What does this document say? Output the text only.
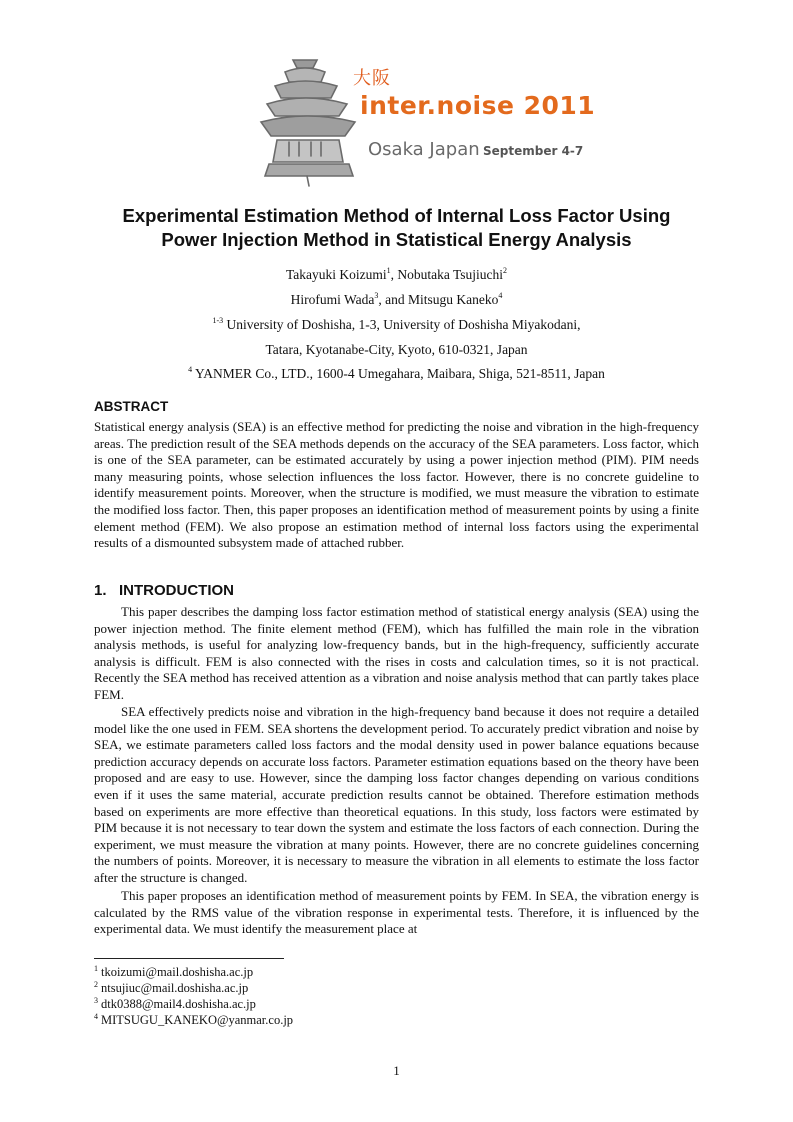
大阪
inter.noise 2011
Osaka Japan September 4-7
Experimental Estimation Method of Internal Loss Factor Using
Power Injection Method in Statistical Energy Analysis
Takayuki Koizumi$^1$, Nobutaka Tsujiuchi$^2$
Hirofumi Wada$^3$, and Mitsugu Kaneko$^4$
$^{1-3}$ University of Doshisha, 1-3, University of Doshisha Miyakodani,
Tatara, Kyotanabe-City, Kyoto, 610-0321, Japan
$^4$ YANMER Co., LTD., 1600-4 Umegahara, Maibara, Shiga, 521-8511, Japan
ABSTRACT

Statistical energy analysis (SEA) is an effective method for predicting the noise and vibration in the high-frequency areas. The prediction result of the SEA methods depends on the accuracy of the SEA parameters. Loss factor, which is one of the SEA parameter, can be estimated accurately by using a power injection method (PIM). PIM needs many measuring points, whose selection influences the loss factor. However, there is no concrete guideline to identify measurement points. Moreover, when the structure is modified, we must measure the vibration to estimate the modified loss factor. Then, this paper proposes an identification method of measurement points by using a finite element method (FEM). We also propose an estimation method of internal loss factors using the experimental results of a dismounted subsystem made of attached rubber.

1.   INTRODUCTION

This paper describes the damping loss factor estimation method of statistical energy analysis (SEA) using the power injection method. The finite element method (FEM), which has fulfilled the main role in the vibration analysis methods, is useful for analyzing low-frequency bands, but in the high-frequency, sufficiently accurate analysis is difficult. FEM is also connected with the rises in costs and calculation times, so it is not practical. Recently the SEA method has received attention as a vibration and noise analysis method that can partly takes place FEM.

SEA effectively predicts noise and vibration in the high-frequency band because it does not require a detailed model like the one used in FEM. SEA shortens the development period. To accurately predict vibration and noise by SEA, we estimate parameters called loss factors and the modal density used in power balance equations because prediction accuracy depends on accurate loss factors. Parameter estimation equations based on the theory have been proposed and are easy to use. However, since the damping loss factor changes depending on various conditions even if it uses the same material, accurate prediction results cannot be obtained. Therefore estimation methods based on experiments are more effective than theoretical equations. In this study, loss factors were estimated by PIM because it is not necessary to tear down the system and estimate the loss factors of each connection. During the experiment, we must measure the vibration at many points. However, there are no concrete guidelines concerning the numbers of points. Moreover, it is necessary to measure the vibration in all elements to estimate the loss factor after the structure is changed.

This paper proposes an identification method of measurement points by FEM. In SEA, the vibration energy is calculated by the RMS value of the vibration response in experimental tests. Therefore, it is influenced by the experimental data. We must identify the measurement place at

$^1$ tkoizumi@mail.doshisha.ac.jp
$^2$ ntsujiuc@mail.doshisha.ac.jp
$^3$ dtk0388@mail4.doshisha.ac.jp
$^4$ MITSUGU_KANEKO@yanmar.co.jp
1
